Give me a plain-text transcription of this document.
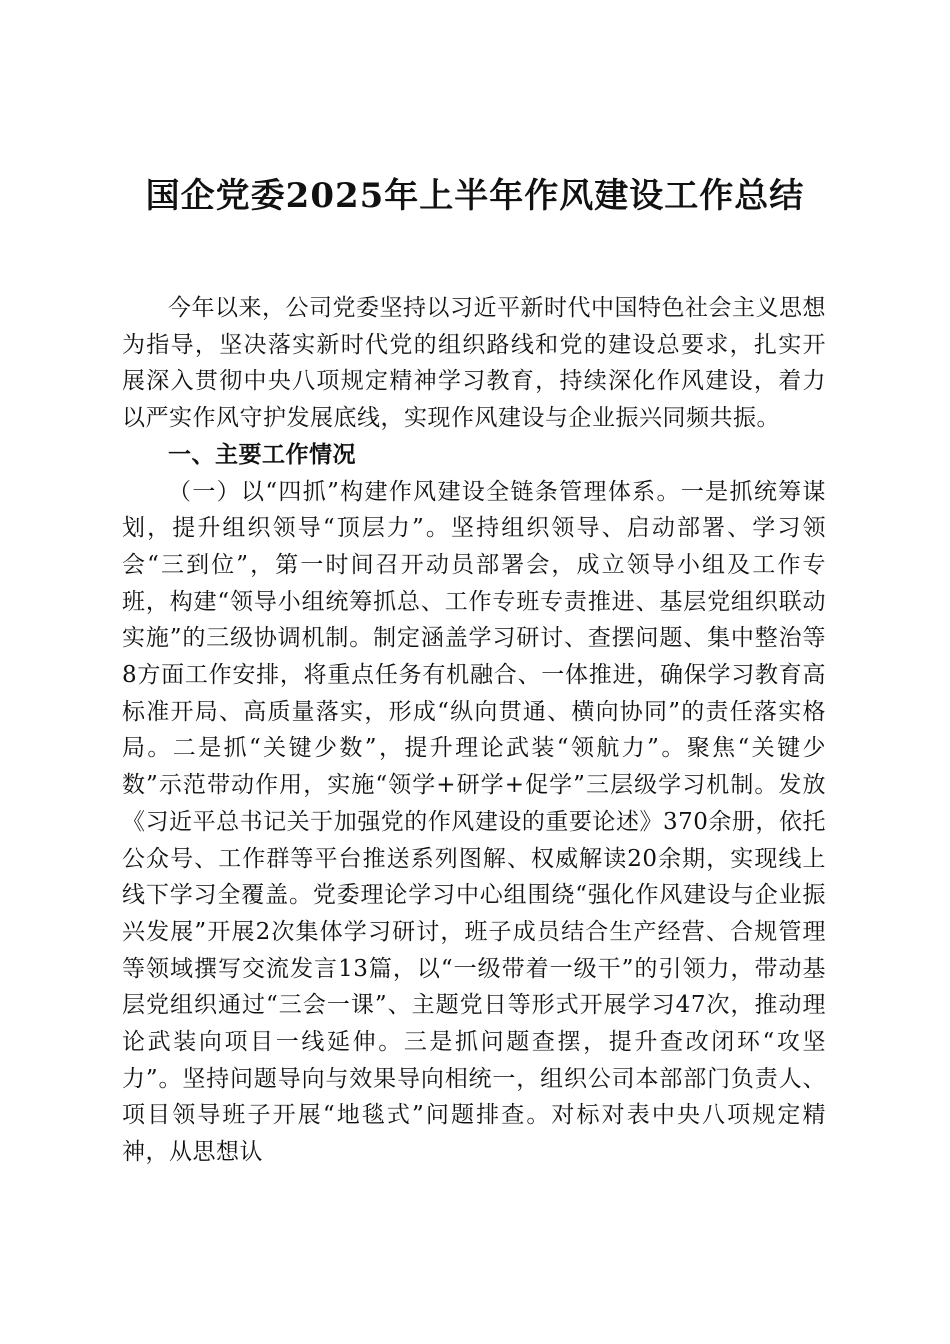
国企党委2025年上半年作风建设工作总结

今年以来，公司党委坚持以习近平新时代中国特色社会主义思想为指导，坚决落实新时代党的组织路线和党的建设总要求，扎实开展深入贯彻中央八项规定精神学习教育，持续深化作风建设，着力以严实作风守护发展底线，实现作风建设与企业振兴同频共振。

一、主要工作情况

（一）以“四抓”构建作风建设全链条管理体系。一是抓统筹谋划，提升组织领导“顶层力”。坚持组织领导、启动部署、学习领会“三到位”，第一时间召开动员部署会，成立领导小组及工作专班，构建“领导小组统筹抓总、工作专班专责推进、基层党组织联动实施”的三级协调机制。制定涵盖学习研讨、查摆问题、集中整治等8方面工作安排，将重点任务有机融合、一体推进，确保学习教育高标准开局、高质量落实，形成“纵向贯通、横向协同”的责任落实格局。二是抓“关键少数”，提升理论武装“领航力”。聚焦“关键少数”示范带动作用，实施“领学+研学+促学”三层级学习机制。发放《习近平总书记关于加强党的作风建设的重要论述》370余册，依托公众号、工作群等平台推送系列图解、权威解读20余期，实现线上线下学习全覆盖。党委理论学习中心组围绕“强化作风建设与企业振兴发展”开展2次集体学习研讨，班子成员结合生产经营、合规管理等领域撰写交流发言13篇，以“一级带着一级干”的引领力，带动基层党组织通过“三会一课”、主题党日等形式开展学习47次，推动理论武装向项目一线延伸。三是抓问题查摆，提升查改闭环“攻坚力”。坚持问题导向与效果导向相统一，组织公司本部部门负责人、项目领导班子开展“地毯式”问题排查。对标对表中央八项规定精神，从思想认
